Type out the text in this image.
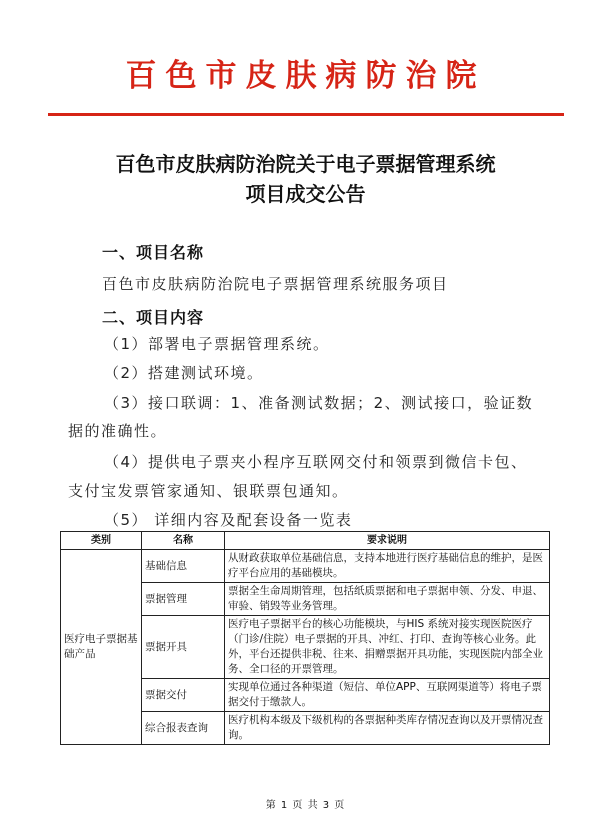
百色市皮肤病防治院
百色市皮肤病防治院关于电子票据管理系统
项目成交公告
一、项目名称
百色市皮肤病防治院电子票据管理系统服务项目
二、项目内容
（1）部署电子票据管理系统。
（2）搭建测试环境。
（3）接口联调：1、准备测试数据；2、测试接口，验证数
据的准确性。
（4）提供电子票夹小程序互联网交付和领票到微信卡包、
支付宝发票管家通知、银联票包通知。
（5） 详细内容及配套设备一览表
类别	名称	要求说明
医疗电子票据基础产品	基础信息	从财政获取单位基础信息，支持本地进行医疗基础信息的维护，是医疗平台应用的基础模块。
	票据管理	票据全生命周期管理，包括纸质票据和电子票据申领、分发、申退、审验、销毁等业务管理。
	票据开具	医疗电子票据平台的核心功能模块，与HIS 系统对接实现医院医疗（门诊/住院）电子票据的开具、冲红、打印、查询等核心业务。此外，平台还提供非税、往来、捐赠票据开具功能，实现医院内部全业务、全口径的开票管理。
	票据交付	实现单位通过各种渠道（短信、单位APP、互联网渠道等）将电子票据交付于缴款人。
	综合报表查询	医疗机构本级及下级机构的各票据种类库存情况查询以及开票情况查询。
第 1 页 共 3 页
